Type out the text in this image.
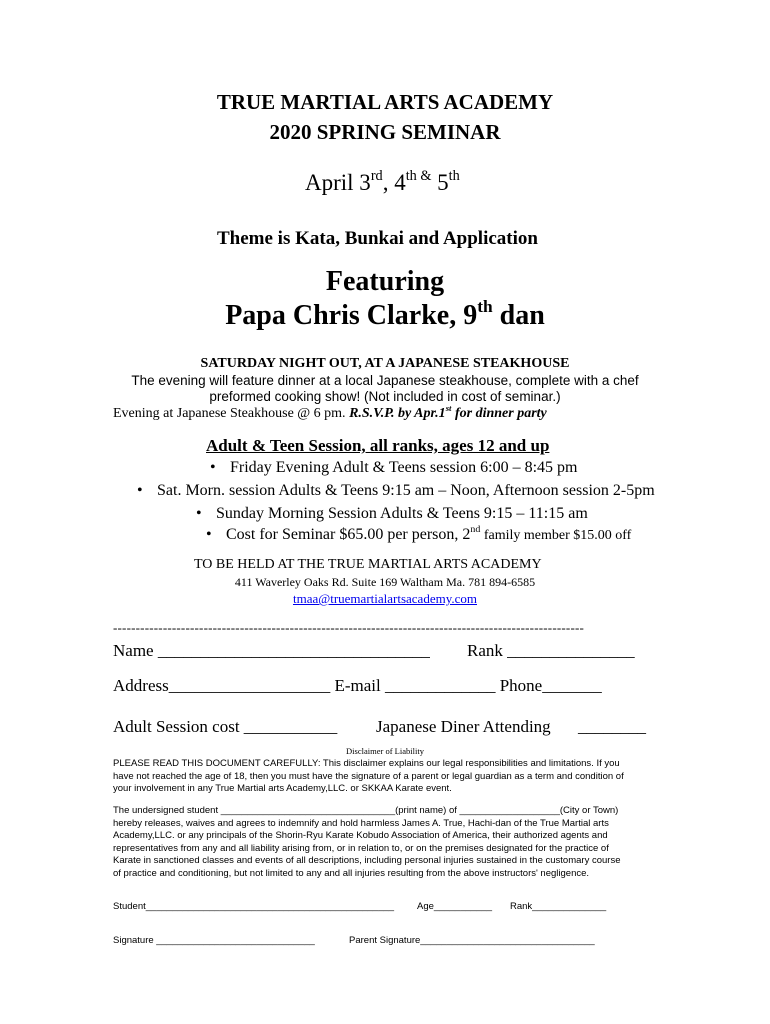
TRUE MARTIAL ARTS ACADEMY
2020 SPRING SEMINAR
April 3rd, $4^{th \&}$ 5th
Theme is Kata, Bunkai and Application
Featuring
Papa Chris Clarke, 9th dan
SATURDAY NIGHT OUT, AT A JAPANESE STEAKHOUSE
The evening will feature dinner at a local Japanese steakhouse, complete with a chef
preformed cooking show! (Not included in cost of seminar.)
Evening at Japanese Steakhouse @ 6 pm. R.S.V.P. by Apr.1st for dinner party
Adult & Teen Session, all ranks, ages 12 and up
• Friday Evening Adult & Teens session 6:00 – 8:45 pm
• Sat. Morn. session Adults & Teens 9:15 am – Noon, Afternoon session 2-5pm
• Sunday Morning Session Adults & Teens 9:15 – 11:15 am
• Cost for Seminar $65.00 per person, 2nd family member $15.00 off
TO BE HELD AT THE TRUE MARTIAL ARTS ACADEMY
411 Waverley Oaks Rd. Suite 169 Waltham Ma. 781 894-6585
tmaa@truemartialartsacademy.com
--------------------------------------------------------------------------------------------------------
Name ________________________________ Rank _______________
Address___________________ E-mail _____________ Phone_______
Adult Session cost ___________ Japanese Diner Attending ________
Disclaimer of Liability
PLEASE READ THIS DOCUMENT CAREFULLY: This disclaimer explains our legal responsibilities and limitations. If you
have not reached the age of 18, then you must have the signature of a parent or legal guardian as a term and condition of
your involvement in any True Martial arts Academy,LLC. or SKKAA Karate event.
The undersigned student _________________________________(print name) of ___________________(City or Town)
hereby releases, waives and agrees to indemnify and hold harmless James A. True, Hachi-dan of the True Martial arts
Academy,LLC. or any principals of the Shorin-Ryu Karate Kobudo Association of America, their authorized agents and
representatives from any and all liability arising from, or in relation to, or on the premises designated for the practice of
Karate in sanctioned classes and events of all descriptions, including personal injuries sustained in the customary course
of practice and conditioning, but not limited to any and all injuries resulting from the above instructors' negligence.
Student_______________________________________________ Age___________ Rank______________
Signature ______________________________	Parent Signature_________________________________
